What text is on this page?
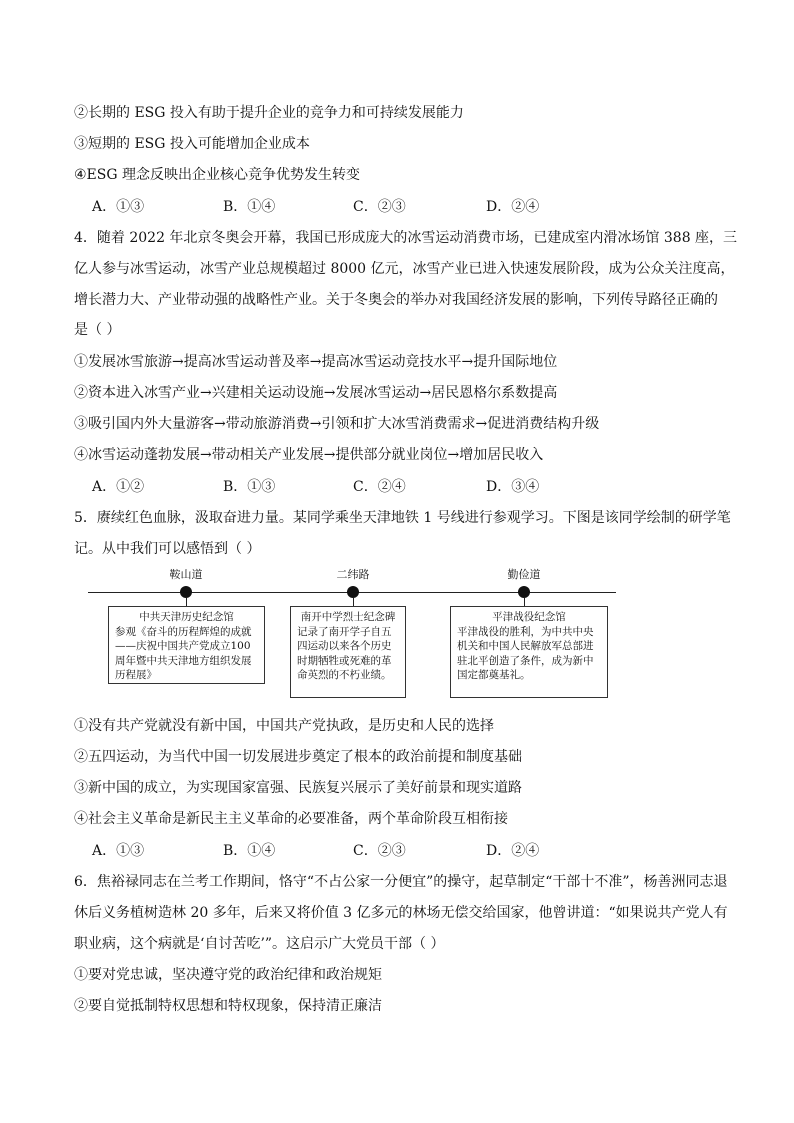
②长期的 ESG 投入有助于提升企业的竞争力和可持续发展能力
③短期的 ESG 投入可能增加企业成本
④ESG 理念反映出企业核心竞争优势发生转变
A．①③	B．①④	C．②③	D．②④
4．随着 2022 年北京冬奥会开幕，我国已形成庞大的冰雪运动消费市场，已建成室内滑冰场馆 388 座，三
亿人参与冰雪运动，冰雪产业总规模超过 8000 亿元，冰雪产业已进入快速发展阶段，成为公众关注度高，
增长潜力大、产业带动强的战略性产业。关于冬奥会的举办对我国经济发展的影响，下列传导路径正确的
是（ ）
①发展冰雪旅游→提高冰雪运动普及率→提高冰雪运动竞技水平→提升国际地位
②资本进入冰雪产业→兴建相关运动设施→发展冰雪运动→居民恩格尔系数提高
③吸引国内外大量游客→带动旅游消费→引领和扩大冰雪消费需求→促进消费结构升级
④冰雪运动蓬勃发展→带动相关产业发展→提供部分就业岗位→增加居民收入
A．①②	B．①③	C．②④	D．③④
5．赓续红色血脉，汲取奋进力量。某同学乘坐天津地铁 1 号线进行参观学习。下图是该同学绘制的研学笔
记。从中我们可以感悟到（ ）
鞍山道	二纬路	勤俭道
中共天津历史纪念馆
参观《奋斗的历程辉煌的成就——庆祝中国共产党成立100周年暨中共天津地方组织发展历程展》
南开中学烈士纪念碑
记录了南开学子自五四运动以来各个历史时期牺牲或死难的革命英烈的不朽业绩。
平津战役纪念馆
平津战役的胜利，为中共中央机关和中国人民解放军总部进驻北平创造了条件，成为新中国定都奠基礼。
①没有共产党就没有新中国，中国共产党执政，是历史和人民的选择
②五四运动，为当代中国一切发展进步奠定了根本的政治前提和制度基础
③新中国的成立，为实现国家富强、民族复兴展示了美好前景和现实道路
④社会主义革命是新民主主义革命的必要准备，两个革命阶段互相衔接
A．①③	B．①④	C．②③	D．②④
6．焦裕禄同志在兰考工作期间，恪守“不占公家一分便宜”的操守，起草制定“干部十不准”，杨善洲同志退
休后义务植树造林 20 多年，后来又将价值 3 亿多元的林场无偿交给国家，他曾讲道：“如果说共产党人有
职业病，这个病就是‘自讨苦吃’”。这启示广大党员干部（ ）
①要对党忠诚，坚决遵守党的政治纪律和政治规矩
②要自觉抵制特权思想和特权现象，保持清正廉洁
